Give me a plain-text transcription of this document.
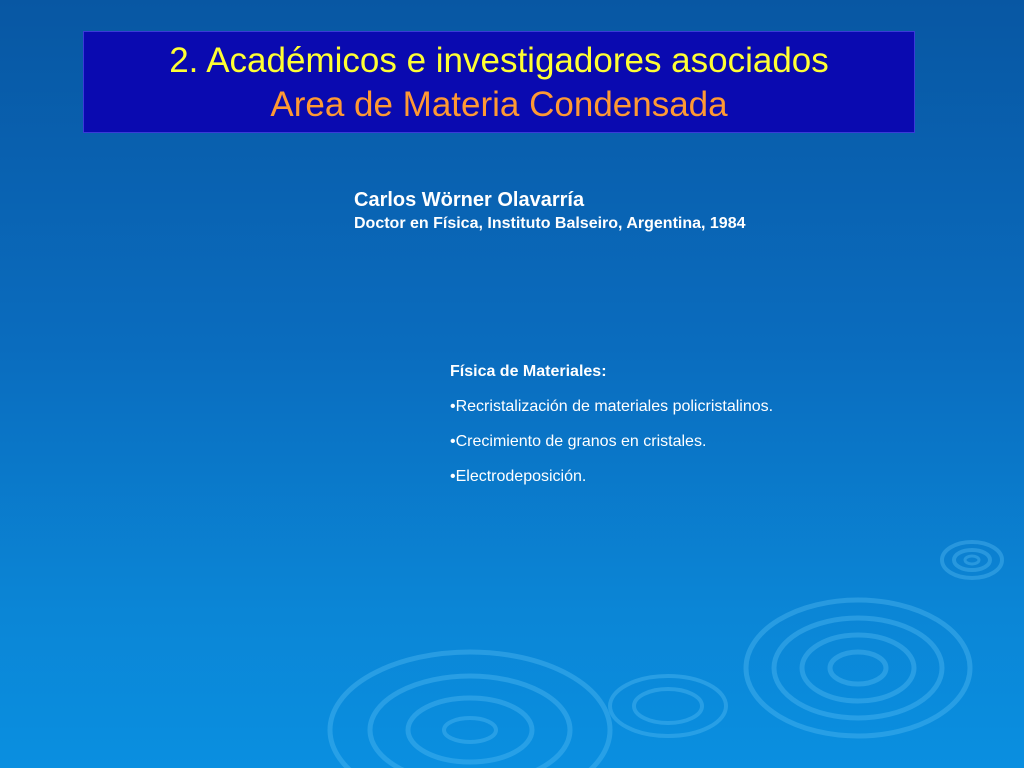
2. Académicos e investigadores asociados
Area de Materia Condensada
Carlos Wörner Olavarría
Doctor en Física, Instituto Balseiro, Argentina, 1984
Física de Materiales:
•Recristalización de materiales policristalinos.
•Crecimiento de granos en cristales.
•Electrodeposición.
